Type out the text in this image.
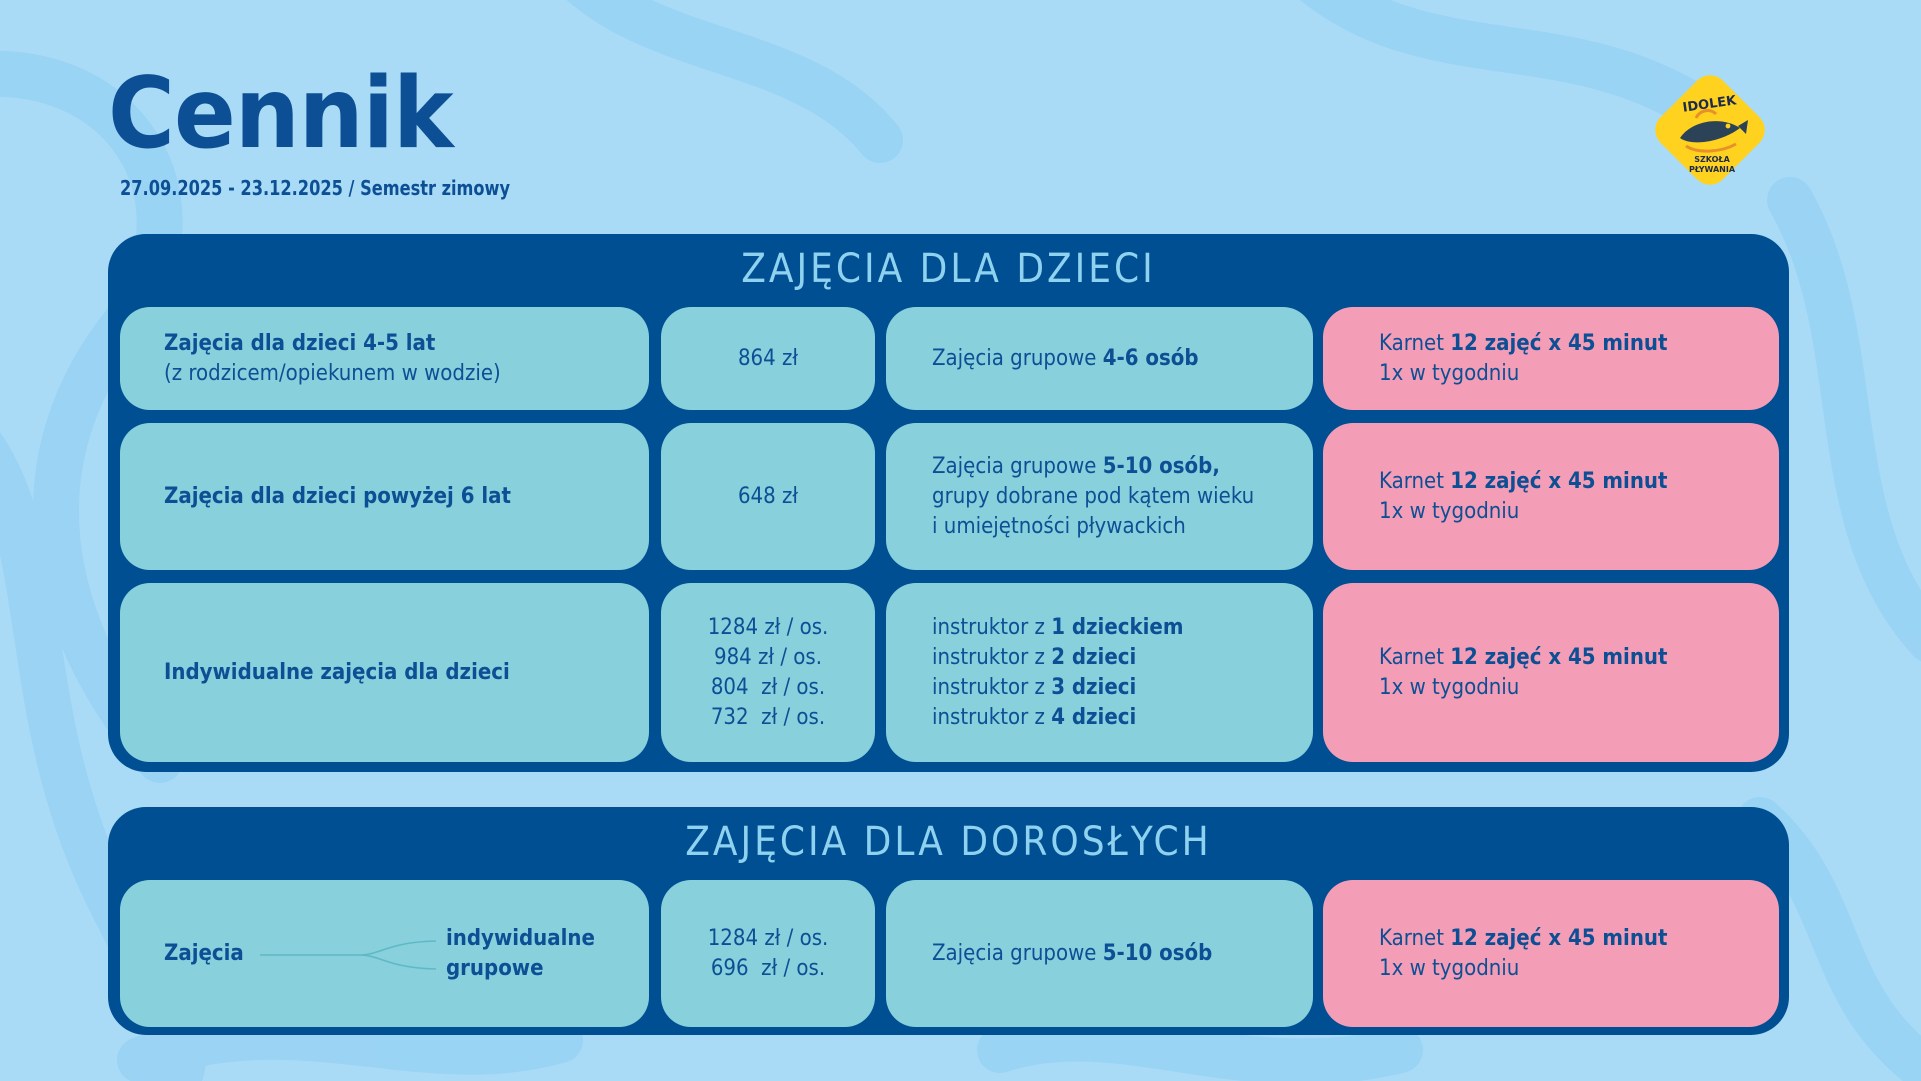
Cennik
27.09.2025 - 23.12.2025 / Semestr zimowy
IDOLEK
SZKOŁA
PŁYWANIA
ZAJĘCIA DLA DZIECI
Zajęcia dla dzieci 4-5 lat
(z rodzicem/opiekunem w wodzie)
864 zł	Zajęcia grupowe 4-6 osób
Karnet 12 zajęć x 45 minut
1x w tygodniu
Zajęcia dla dzieci powyżej 6 lat	648 zł
Zajęcia grupowe 5-10 osób,
grupy dobrane pod kątem wieku
i umiejętności pływackich
Karnet 12 zajęć x 45 minut
1x w tygodniu
Indywidualne zajęcia dla dzieci
1284 zł / os.
984 zł / os.
804  zł / os.
732  zł / os.
instruktor z 1 dzieckiem
instruktor z 2 dzieci
instruktor z 3 dzieci
instruktor z 4 dzieci
Karnet 12 zajęć x 45 minut
1x w tygodniu
ZAJĘCIA DLA DOROSŁYCH
Zajęcia
indywidualne
grupowe
1284 zł / os.
696  zł / os.
Zajęcia grupowe 5-10 osób
Karnet 12 zajęć x 45 minut
1x w tygodniu
